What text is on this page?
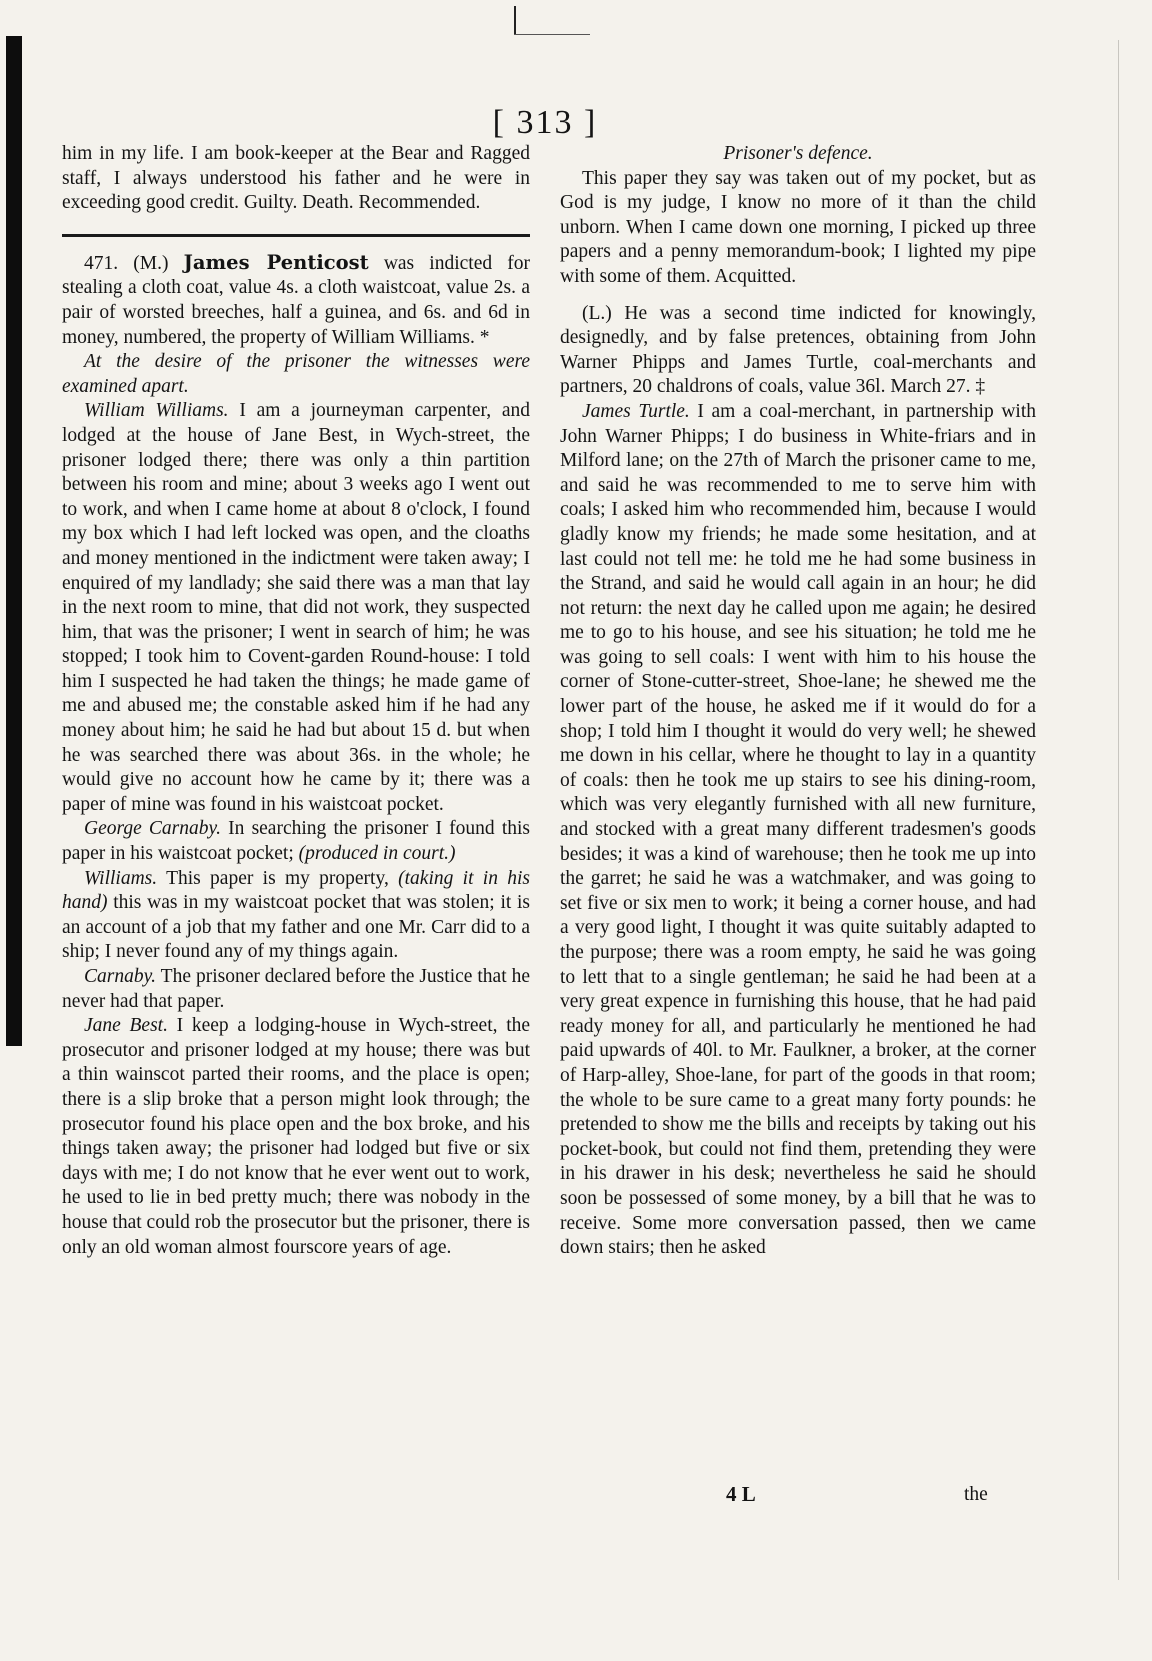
[ 313 ]

him in my life. I am book-keeper at the Bear and Ragged staff, I always understood his father and he were in exceeding good credit. Guilty. Death. Recommended.

471. (M.) James Penticost was indicted for stealing a cloth coat, value 4s. a cloth waistcoat, value 2s. a pair of worsted breeches, half a guinea, and 6s. and 6d in money, numbered, the property of William Williams. *

At the desire of the prisoner the witnesses were examined apart.

William Williams. I am a journeyman carpenter, and lodged at the house of Jane Best, in Wych-street, the prisoner lodged there; there was only a thin partition between his room and mine; about 3 weeks ago I went out to work, and when I came home at about 8 o'clock, I found my box which I had left locked was open, and the cloaths and money mentioned in the indictment were taken away; I enquired of my landlady; she said there was a man that lay in the next room to mine, that did not work, they suspected him, that was the prisoner; I went in search of him; he was stopped; I took him to Covent-garden Round-house: I told him I suspected he had taken the things; he made game of me and abused me; the constable asked him if he had any money about him; he said he had but about 15 d. but when he was searched there was about 36s. in the whole; he would give no account how he came by it; there was a paper of mine was found in his waistcoat pocket.

George Carnaby. In searching the prisoner I found this paper in his waistcoat pocket; (produced in court.)

Williams. This paper is my property, (taking it in his hand) this was in my waistcoat pocket that was stolen; it is an account of a job that my father and one Mr. Carr did to a ship; I never found any of my things again.

Carnaby. The prisoner declared before the Justice that he never had that paper.

Jane Best. I keep a lodging-house in Wych-street, the prosecutor and prisoner lodged at my house; there was but a thin wainscot parted their rooms, and the place is open; there is a slip broke that a person might look through; the prosecutor found his place open and the box broke, and his things taken away; the prisoner had lodged but five or six days with me; I do not know that he ever went out to work, he used to lie in bed pretty much; there was nobody in the house that could rob the prosecutor but the prisoner, there is only an old woman almost fourscore years of age.

Prisoner's defence.

This paper they say was taken out of my pocket, but as God is my judge, I know no more of it than the child unborn. When I came down one morning, I picked up three papers and a penny memorandum-book; I lighted my pipe with some of them. Acquitted.

(L.) He was a second time indicted for knowingly, designedly, and by false pretences, obtaining from John Warner Phipps and James Turtle, coal-merchants and partners, 20 chaldrons of coals, value 36l. March 27. ‡

James Turtle. I am a coal-merchant, in partnership with John Warner Phipps; I do business in White-friars and in Milford lane; on the 27th of March the prisoner came to me, and said he was recommended to me to serve him with coals; I asked him who recommended him, because I would gladly know my friends; he made some hesitation, and at last could not tell me: he told me he had some business in the Strand, and said he would call again in an hour; he did not return: the next day he called upon me again; he desired me to go to his house, and see his situation; he told me he was going to sell coals: I went with him to his house the corner of Stone-cutter-street, Shoe-lane; he shewed me the lower part of the house, he asked me if it would do for a shop; I told him I thought it would do very well; he shewed me down in his cellar, where he thought to lay in a quantity of coals: then he took me up stairs to see his dining-room, which was very elegantly furnished with all new furniture, and stocked with a great many different tradesmen's goods besides; it was a kind of warehouse; then he took me up into the garret; he said he was a watchmaker, and was going to set five or six men to work; it being a corner house, and had a very good light, I thought it was quite suitably adapted to the purpose; there was a room empty, he said he was going to lett that to a single gentleman; he said he had been at a very great expence in furnishing this house, that he had paid ready money for all, and particularly he mentioned he had paid upwards of 40l. to Mr. Faulkner, a broker, at the corner of Harp-alley, Shoe-lane, for part of the goods in that room; the whole to be sure came to a great many forty pounds: he pretended to show me the bills and receipts by taking out his pocket-book, but could not find them, pretending they were in his drawer in his desk; nevertheless he said he should soon be possessed of some money, by a bill that he was to receive. Some more conversation passed, then we came down stairs; then he asked

4 L	the
